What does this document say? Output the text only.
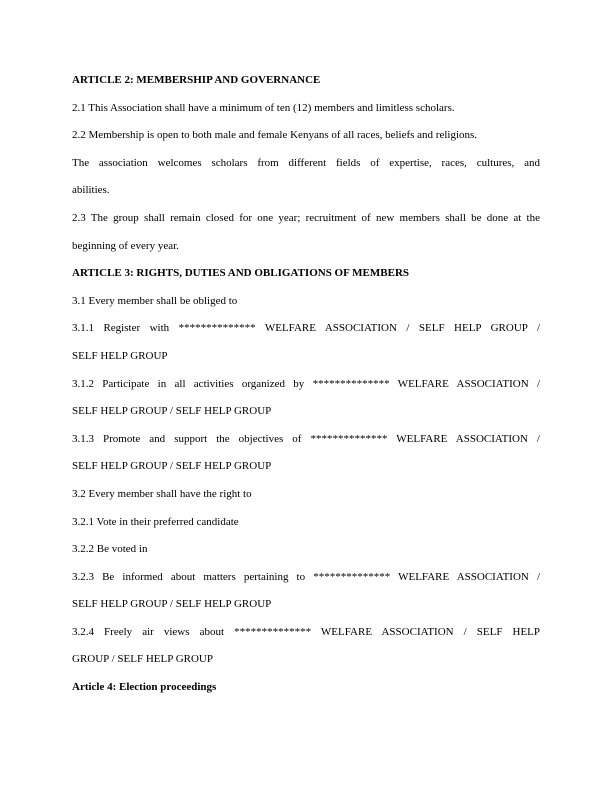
ARTICLE 2: MEMBERSHIP AND GOVERNANCE

2.1 This Association shall have a minimum of ten (12) members and limitless scholars.

2.2 Membership is open to both male and female Kenyans of all races, beliefs and religions.

The association welcomes scholars from different fields of expertise, races, cultures, and

abilities.

2.3 The group shall remain closed for one year; recruitment of new members shall be done at the

beginning of every year.

ARTICLE 3: RIGHTS, DUTIES AND OBLIGATIONS OF MEMBERS

3.1 Every member shall be obliged to

3.1.1 Register with ************** WELFARE ASSOCIATION / SELF HELP GROUP /

SELF HELP GROUP

3.1.2 Participate in all activities organized by ************** WELFARE ASSOCIATION /

SELF HELP GROUP / SELF HELP GROUP

3.1.3 Promote and support the objectives of ************** WELFARE ASSOCIATION /

SELF HELP GROUP / SELF HELP GROUP

3.2 Every member shall have the right to

3.2.1 Vote in their preferred candidate

3.2.2 Be voted in

3.2.3 Be informed about matters pertaining to ************** WELFARE ASSOCIATION /

SELF HELP GROUP / SELF HELP GROUP

3.2.4 Freely air views about ************** WELFARE ASSOCIATION / SELF HELP

GROUP / SELF HELP GROUP

Article 4: Election proceedings
